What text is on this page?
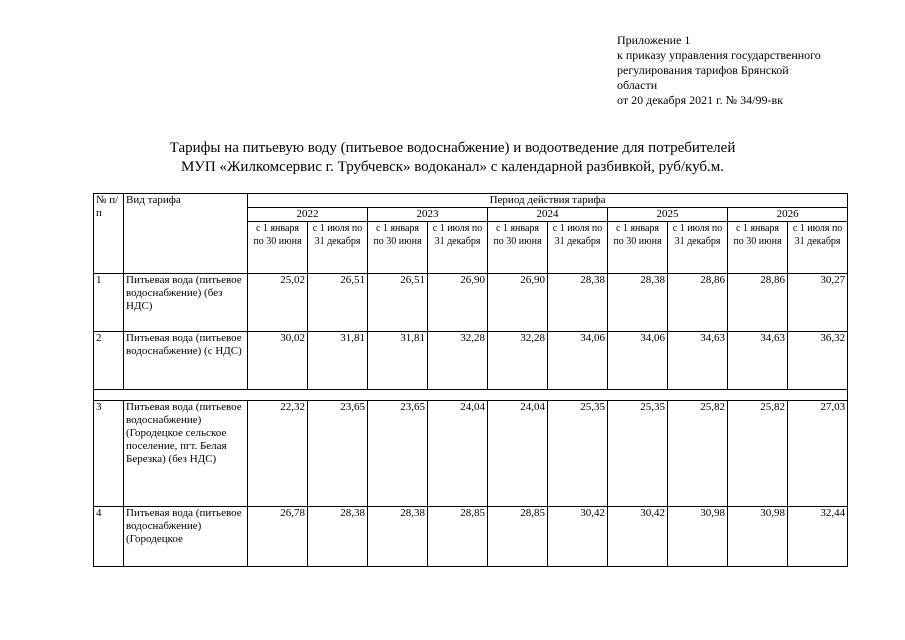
Приложение 1
к приказу управления государственного
регулирования тарифов Брянской
области
от 20 декабря 2021 г. № 34/99-вк
Тарифы на питьевую воду (питьевое водоснабжение) и водоотведение для потребителей
МУП «Жилкомсервис г. Трубчевск» водоканал» с календарной разбивкой, руб/куб.м.
№ п/п	Вид тарифа	Период действия тарифа									
		2022		2023		2024		2025		2026	
		с 1 января по 30 июня	с 1 июля по 31 декабря	с 1 января по 30 июня	с 1 июля по 31 декабря	с 1 января по 30 июня	с 1 июля по 31 декабря	с 1 января по 30 июня	с 1 июля по 31 декабря	с 1 января по 30 июня	с 1 июля по 31 декабря
1	Питьевая вода (питьевое водоснабжение) (без НДС)	25,02	26,51	26,51	26,90	26,90	28,38	28,38	28,86	28,86	30,27
2	Питьевая вода (питьевое водоснабжение) (с НДС)	30,02	31,81	31,81	32,28	32,28	34,06	34,06	34,63	34,63	36,32

3	Питьевая вода (питьевое водоснабжение) (Городецкое сельское поселение, пгт. Белая Березка) (без НДС)	22,32	23,65	23,65	24,04	24,04	25,35	25,35	25,82	25,82	27,03
4	Питьевая вода (питьевое водоснабжение) (Городецкое	26,78	28,38	28,38	28,85	28,85	30,42	30,42	30,98	30,98	32,44
